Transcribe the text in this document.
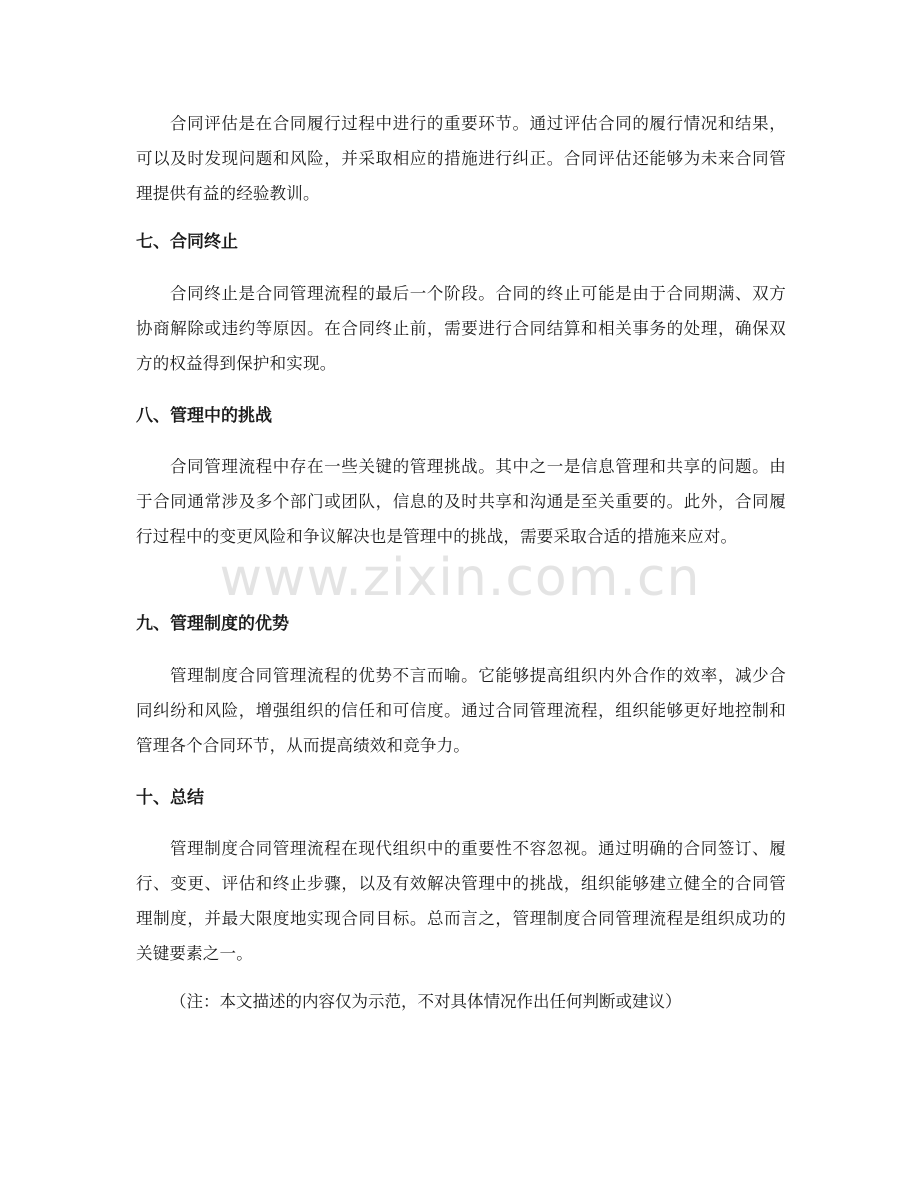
合同评估是在合同履行过程中进行的重要环节。通过评估合同的履行情况和结果，可以及时发现问题和风险，并采取相应的措施进行纠正。合同评估还能够为未来合同管理提供有益的经验教训。

七、合同终止

合同终止是合同管理流程的最后一个阶段。合同的终止可能是由于合同期满、双方协商解除或违约等原因。在合同终止前，需要进行合同结算和相关事务的处理，确保双方的权益得到保护和实现。

八、管理中的挑战

合同管理流程中存在一些关键的管理挑战。其中之一是信息管理和共享的问题。由于合同通常涉及多个部门或团队，信息的及时共享和沟通是至关重要的。此外，合同履行过程中的变更风险和争议解决也是管理中的挑战，需要采取合适的措施来应对。

九、管理制度的优势

管理制度合同管理流程的优势不言而喻。它能够提高组织内外合作的效率，减少合同纠纷和风险，增强组织的信任和可信度。通过合同管理流程，组织能够更好地控制和管理各个合同环节，从而提高绩效和竞争力。

十、总结

管理制度合同管理流程在现代组织中的重要性不容忽视。通过明确的合同签订、履行、变更、评估和终止步骤，以及有效解决管理中的挑战，组织能够建立健全的合同管理制度，并最大限度地实现合同目标。总而言之，管理制度合同管理流程是组织成功的关键要素之一。

（注：本文描述的内容仅为示范，不对具体情况作出任何判断或建议）

www.zixin.com.cn
